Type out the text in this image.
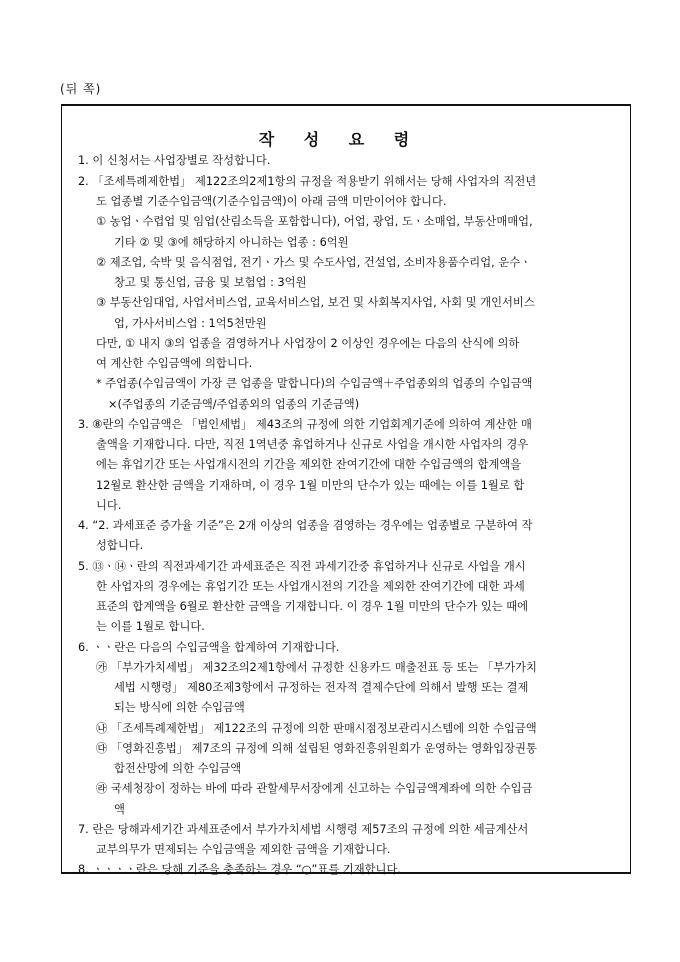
(뒤 쪽)
작 성 요 령
1. 이 신청서는 사업장별로 작성합니다.
2. 「조세특례제한법」 제122조의2제1항의 규정을 적용받기 위해서는 당해 사업자의 직전년
도 업종별 기준수입금액(기준수입금액)이 아래 금액 미만이어야 합니다.
① 농업ㆍ수렵업 및 임업(산림소득을 포함합니다), 어업, 광업, 도ㆍ소매업, 부동산매매업,
기타 ② 및 ③에 해당하지 아니하는 업종 : 6억원
② 제조업, 숙박 및 음식점업, 전기ㆍ가스 및 수도사업, 건설업, 소비자용품수리업, 운수ㆍ
창고 및 통신업, 금융 및 보험업 : 3억원
③ 부동산임대업, 사업서비스업, 교육서비스업, 보건 및 사회복지사업, 사회 및 개인서비스
업, 가사서비스업 : 1억5천만원
다만, ① 내지 ③의 업종을 겸영하거나 사업장이 2 이상인 경우에는 다음의 산식에 의하
여 계산한 수입금액에 의합니다.
* 주업종(수입금액이 가장 큰 업종을 말합니다)의 수입금액＋주업종외의 업종의 수입금액
×(주업종의 기준금액/주업종외의 업종의 기준금액)
3. ⑧란의 수입금액은 「법인세법」 제43조의 규정에 의한 기업회계기준에 의하여 계산한 매
출액을 기재합니다. 다만, 직전 1역년중 휴업하거나 신규로 사업을 개시한 사업자의 경우
에는 휴업기간 또는 사업개시전의 기간을 제외한 잔여기간에 대한 수입금액의 합계액을
12월로 환산한 금액을 기재하며, 이 경우 1월 미만의 단수가 있는 때에는 이를 1월로 합
니다.
4. “2. 과세표준 증가율 기준”은 2개 이상의 업종을 겸영하는 경우에는 업종별로 구분하여 작
성합니다.
5. ⑬ㆍ⑭ㆍ란의 직전과세기간 과세표준은 직전 과세기간중 휴업하거나 신규로 사업을 개시
한 사업자의 경우에는 휴업기간 또는 사업개시전의 기간을 제외한 잔여기간에 대한 과세
표준의 합계액을 6월로 환산한 금액을 기재합니다. 이 경우 1월 미만의 단수가 있는 때에
는 이를 1월로 합니다.
6. ㆍㆍ란은 다음의 수입금액을 합계하여 기재합니다.
㉮ 「부가가치세법」 제32조의2제1항에서 규정한 신용카드 매출전표 등 또는 「부가가치
세법 시행령」 제80조제3항에서 규정하는 전자적 결제수단에 의해서 발행 또는 결제
되는 방식에 의한 수입금액
㉯ 「조세특례제한법」 제122조의 규정에 의한 판매시점정보관리시스템에 의한 수입금액
㉰ 「영화진흥법」 제7조의 규정에 의해 설립된 영화진흥위원회가 운영하는 영화입장권통
합전산망에 의한 수입금액
㉱ 국세청장이 정하는 바에 따라 관할세무서장에게 신고하는 수입금액계좌에 의한 수입금
액
7. 란은 당해과세기간 과세표준에서 부가가치세법 시행령 제57조의 규정에 의한 세금계산서
교부의무가 면제되는 수입금액을 제외한 금액을 기재합니다.
8. ㆍㆍㆍㆍ란은 당해 기준을 충족하는 경우 “○”표를 기재합니다.
